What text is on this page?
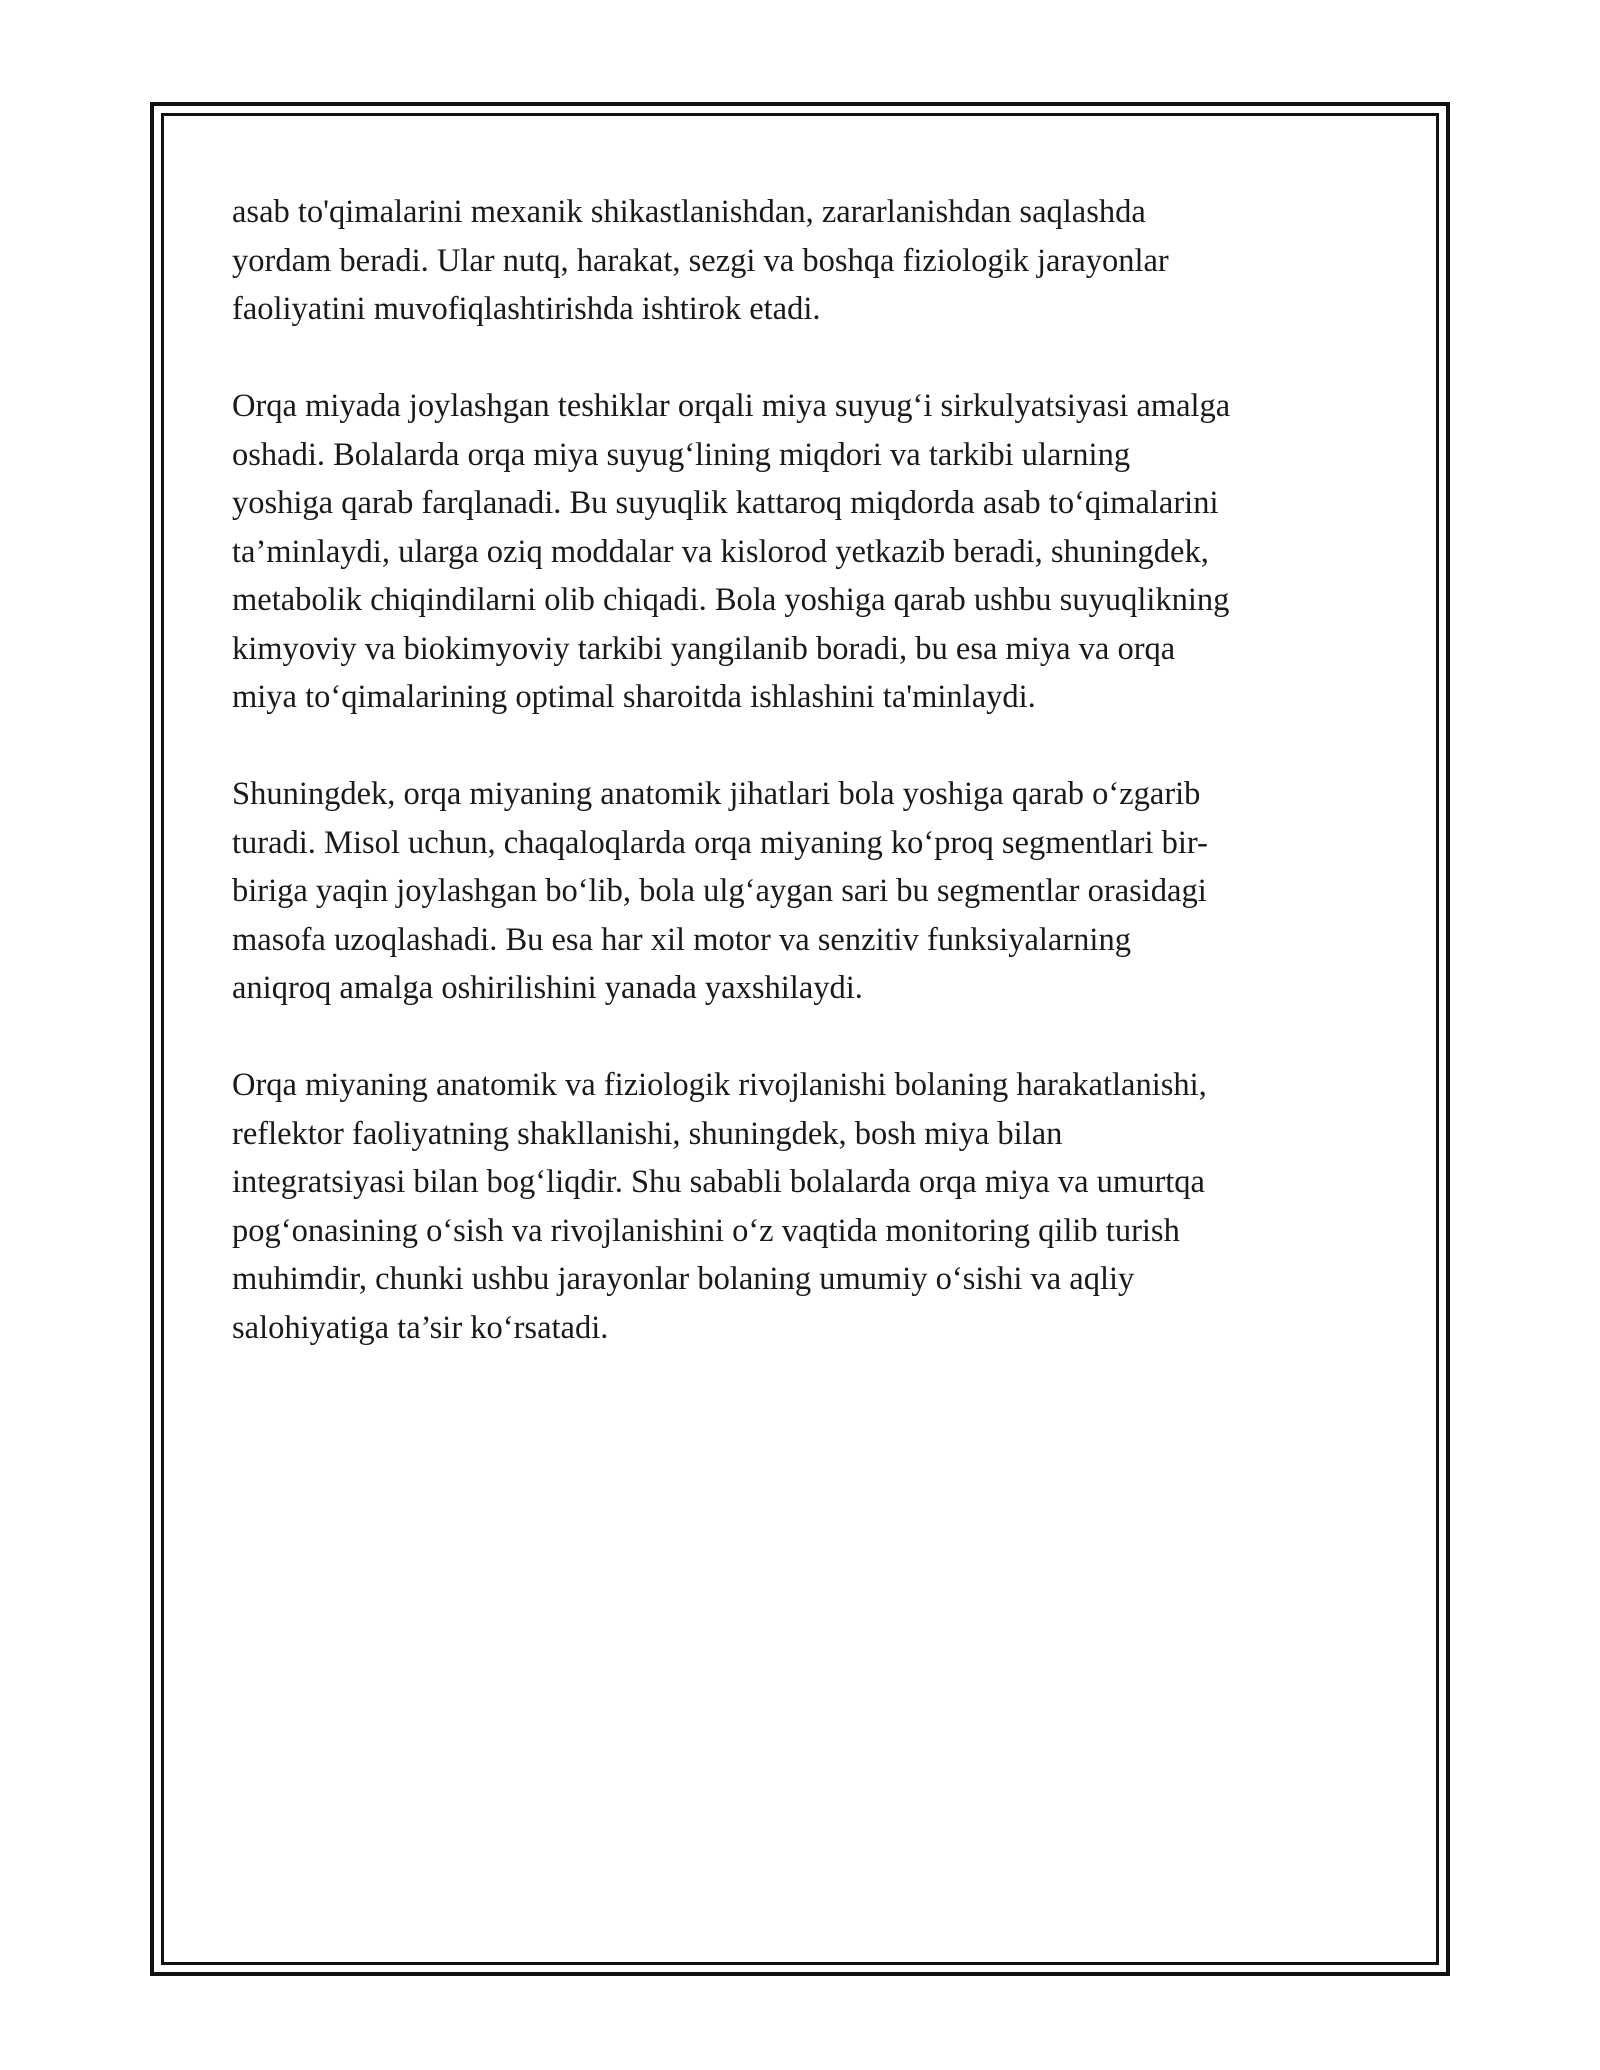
asab to'qimalarini mexanik shikastlanishdan, zararlanishdan saqlashda
yordam beradi. Ular nutq, harakat, sezgi va boshqa fiziologik jarayonlar
faoliyatini muvofiqlashtirishda ishtirok etadi.

Orqa miyada joylashgan teshiklar orqali miya suyug‘i sirkulyatsiyasi amalga
oshadi. Bolalarda orqa miya suyug‘lining miqdori va tarkibi ularning
yoshiga qarab farqlanadi. Bu suyuqlik kattaroq miqdorda asab to‘qimalarini
ta’minlaydi, ularga oziq moddalar va kislorod yetkazib beradi, shuningdek,
metabolik chiqindilarni olib chiqadi. Bola yoshiga qarab ushbu suyuqlikning
kimyoviy va biokimyoviy tarkibi yangilanib boradi, bu esa miya va orqa
miya to‘qimalarining optimal sharoitda ishlashini ta'minlaydi.

Shuningdek, orqa miyaning anatomik jihatlari bola yoshiga qarab o‘zgarib
turadi. Misol uchun, chaqaloqlarda orqa miyaning ko‘proq segmentlari bir-
biriga yaqin joylashgan bo‘lib, bola ulg‘aygan sari bu segmentlar orasidagi
masofa uzoqlashadi. Bu esa har xil motor va senzitiv funksiyalarning
aniqroq amalga oshirilishini yanada yaxshilaydi.

Orqa miyaning anatomik va fiziologik rivojlanishi bolaning harakatlanishi,
reflektor faoliyatning shakllanishi, shuningdek, bosh miya bilan
integratsiyasi bilan bog‘liqdir. Shu sababli bolalarda orqa miya va umurtqa
pog‘onasining o‘sish va rivojlanishini o‘z vaqtida monitoring qilib turish
muhimdir, chunki ushbu jarayonlar bolaning umumiy o‘sishi va aqliy
salohiyatiga ta’sir ko‘rsatadi.
